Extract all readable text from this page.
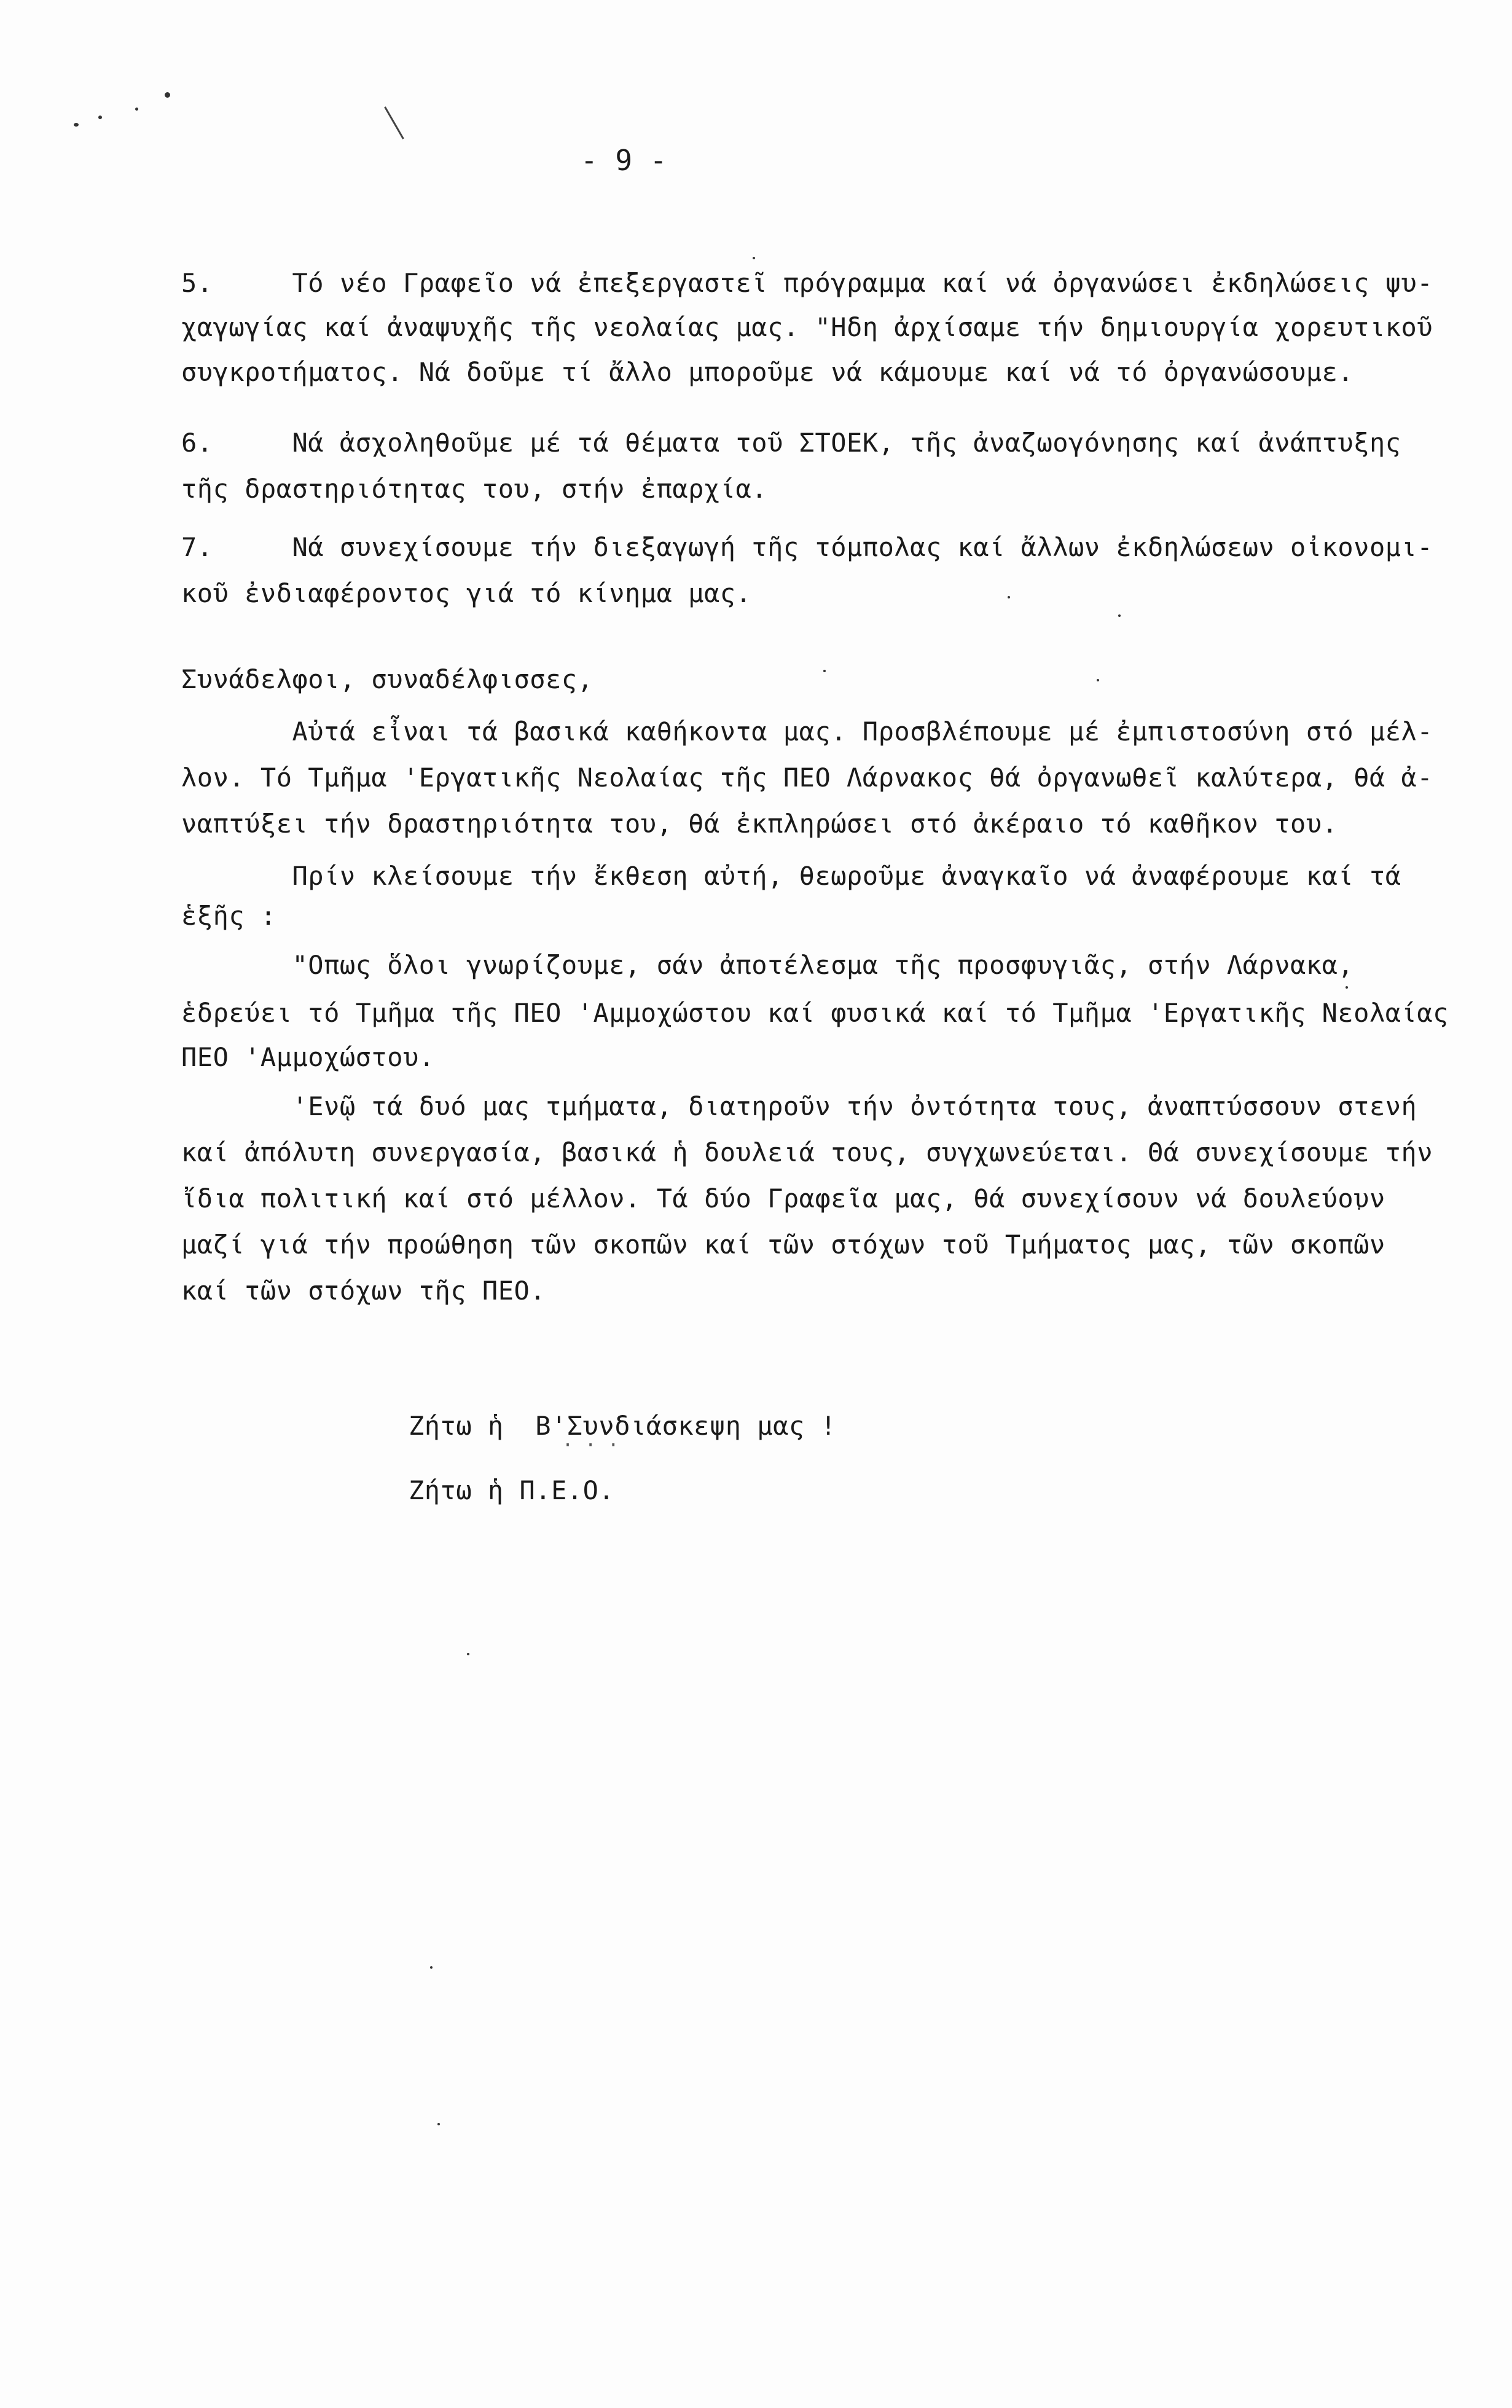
- 9 -
5.     Τό νέο Γραφεῖο νά ἐπεξεργαστεῖ πρόγραμμα καί νά ὀργανώσει ἐκδηλώσεις ψυ-
χαγωγίας καί ἀναψυχῆς τῆς νεολαίας μας. "Ηδη ἀρχίσαμε τήν δημιουργία χορευτικοῦ
συγκροτήματος. Νά δοῦμε τί ἄλλο μποροῦμε νά κάμουμε καί νά τό ὀργανώσουμε.
6.     Νά ἀσχοληθοῦμε μέ τά θέματα τοῦ ΣΤΟΕΚ, τῆς ἀναζωογόνησης καί ἀνάπτυξης
τῆς δραστηριότητας του, στήν ἐπαρχία.
7.     Νά συνεχίσουμε τήν διεξαγωγή τῆς τόμπολας καί ἄλλων ἐκδηλώσεων οἰκονομι-
κοῦ ἐνδιαφέροντος γιά τό κίνημα μας.
Συνάδελφοι, συναδέλφισσες,
Αὐτά εἶναι τά βασικά καθήκοντα μας. Προσβλέπουμε μέ ἐμπιστοσύνη στό μέλ-
λον. Τό Τμῆμα 'Εργατικῆς Νεολαίας τῆς ΠΕΟ Λάρνακος θά ὀργανωθεῖ καλύτερα, θά ἀ-
ναπτύξει τήν δραστηριότητα του, θά ἐκπληρώσει στό ἀκέραιο τό καθῆκον του.
Πρίν κλείσουμε τήν ἔκθεση αὐτή, θεωροῦμε ἀναγκαῖο νά ἀναφέρουμε καί τά
ἑξῆς :
"Οπως ὅλοι γνωρίζουμε, σάν ἀποτέλεσμα τῆς προσφυγιᾶς, στήν Λάρνακα,
ἑδρεύει τό Τμῆμα τῆς ΠΕΟ 'Αμμοχώστου καί φυσικά καί τό Τμῆμα 'Εργατικῆς Νεολαίας
ΠΕΟ 'Αμμοχώστου.
'Ενῷ τά δυό μας τμήματα, διατηροῦν τήν ὀντότητα τους, ἀναπτύσσουν στενή
καί ἀπόλυτη συνεργασία, βασικά ἡ δουλειά τους, συγχωνεύεται. Θά συνεχίσουμε τήν
ἴδια πολιτική καί στό μέλλον. Τά δύο Γραφεῖα μας, θά συνεχίσουν νά δουλεύουν
μαζί γιά τήν προώθηση τῶν σκοπῶν καί τῶν στόχων τοῦ Τμήματος μας, τῶν σκοπῶν
καί τῶν στόχων τῆς ΠΕΟ.
Ζήτω ἡ  Β'Συνδιάσκεψη μας !
· · ·
Ζήτω ἡ Π.Ε.Ο.
